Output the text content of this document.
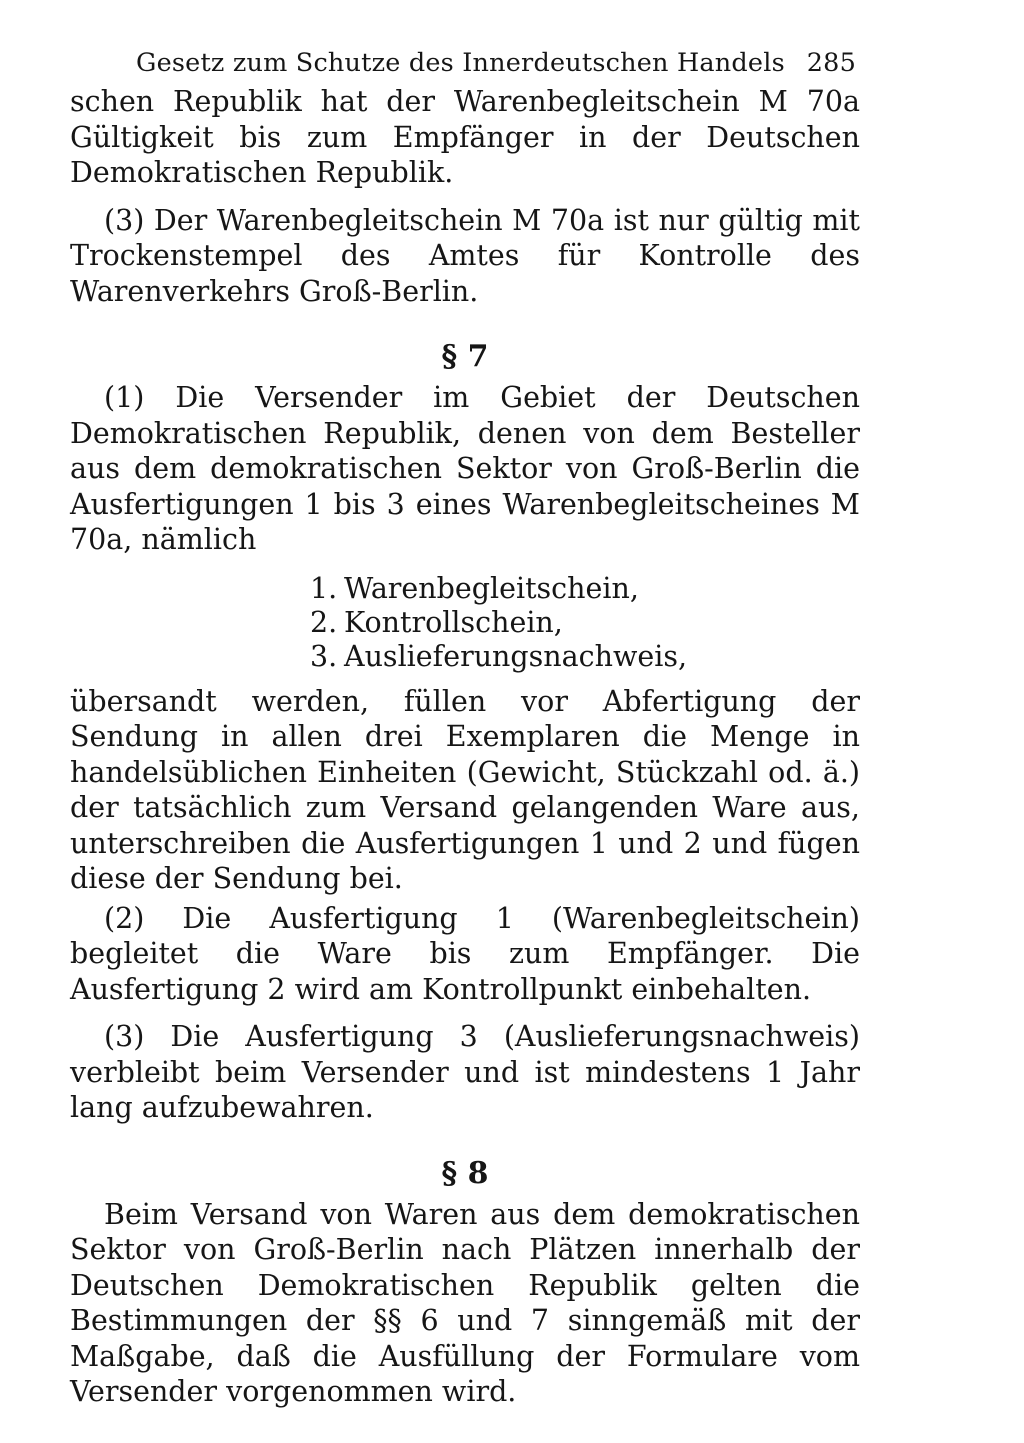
Gesetz zum Schutze des Innerdeutschen Handels 285

schen Republik hat der Warenbegleitschein M 70a Gültigkeit bis zum Empfänger in der Deutschen Demokratischen Republik.

(3) Der Warenbegleitschein M 70a ist nur gültig mit Trockenstempel des Amtes für Kontrolle des Warenverkehrs Groß-Berlin.

§ 7

(1) Die Versender im Gebiet der Deutschen Demokratischen Republik, denen von dem Besteller aus dem demokratischen Sektor von Groß-Berlin die Ausfertigungen 1 bis 3 eines Warenbegleitscheines M 70a, nämlich

1. Warenbegleitschein,
2. Kontrollschein,
3. Auslieferungsnachweis,

übersandt werden, füllen vor Abfertigung der Sendung in allen drei Exemplaren die Menge in handelsüblichen Einheiten (Gewicht, Stückzahl od. ä.) der tatsächlich zum Versand gelangenden Ware aus, unterschreiben die Ausfertigungen 1 und 2 und fügen diese der Sendung bei.

(2) Die Ausfertigung 1 (Warenbegleitschein) begleitet die Ware bis zum Empfänger. Die Ausfertigung 2 wird am Kontrollpunkt einbehalten.

(3) Die Ausfertigung 3 (Auslieferungsnachweis) verbleibt beim Versender und ist mindestens 1 Jahr lang aufzubewahren.

§ 8

Beim Versand von Waren aus dem demokratischen Sektor von Groß-Berlin nach Plätzen innerhalb der Deutschen Demokratischen Republik gelten die Bestimmungen der §§ 6 und 7 sinngemäß mit der Maßgabe, daß die Ausfüllung der Formulare vom Versender vorgenommen wird.
